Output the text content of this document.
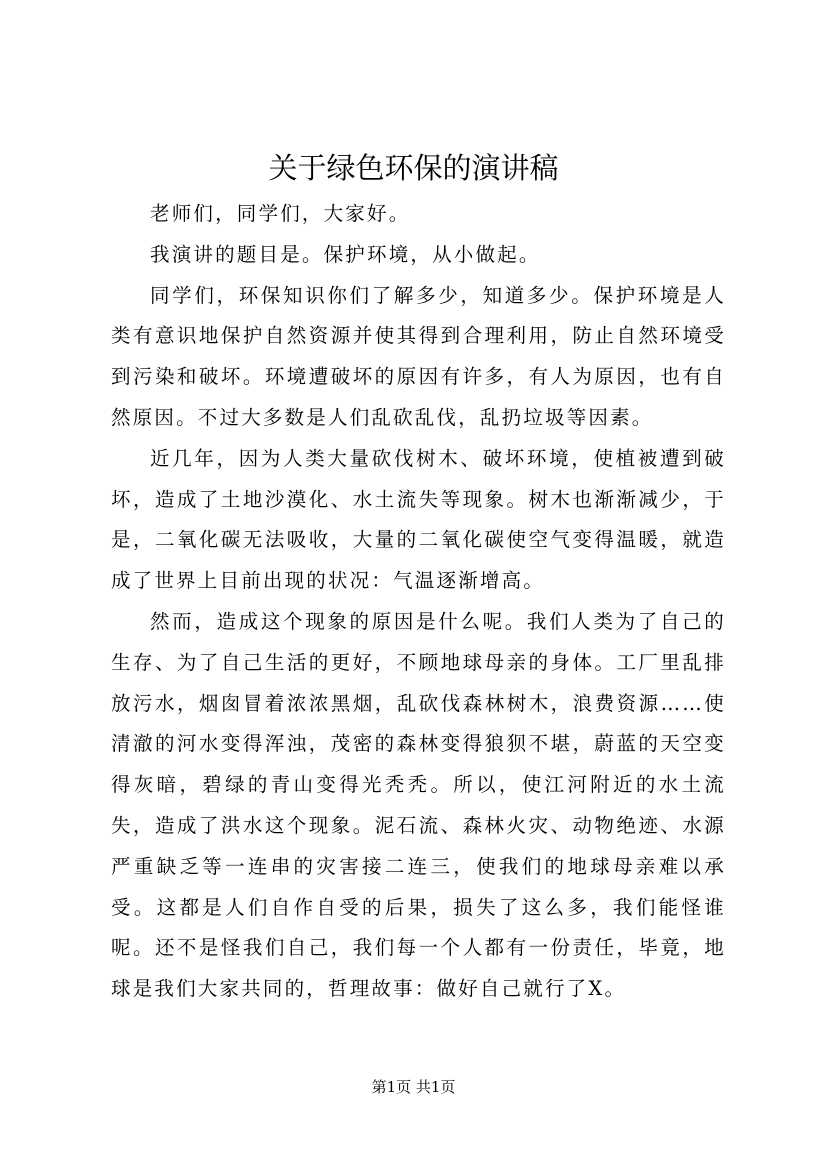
关于绿色环保的演讲稿

老师们，同学们，大家好。

我演讲的题目是。保护环境，从小做起。

同学们，环保知识你们了解多少，知道多少。保护环境是人类有意识地保护自然资源并使其得到合理利用，防止自然环境受到污染和破坏。环境遭破坏的原因有许多，有人为原因，也有自然原因。不过大多数是人们乱砍乱伐，乱扔垃圾等因素。

近几年，因为人类大量砍伐树木、破坏环境，使植被遭到破坏，造成了土地沙漠化、水土流失等现象。树木也渐渐减少，于是，二氧化碳无法吸收，大量的二氧化碳使空气变得温暖，就造成了世界上目前出现的状况：气温逐渐增高。

然而，造成这个现象的原因是什么呢。我们人类为了自己的生存、为了自己生活的更好，不顾地球母亲的身体。工厂里乱排放污水，烟囱冒着浓浓黑烟，乱砍伐森林树木，浪费资源……使清澈的河水变得浑浊，茂密的森林变得狼狈不堪，蔚蓝的天空变得灰暗，碧绿的青山变得光秃秃。所以，使江河附近的水土流失，造成了洪水这个现象。泥石流、森林火灾、动物绝迹、水源严重缺乏等一连串的灾害接二连三，使我们的地球母亲难以承受。这都是人们自作自受的后果，损失了这么多，我们能怪谁呢。还不是怪我们自己，我们每一个人都有一份责任，毕竟，地球是我们大家共同的，哲理故事：做好自己就行了X。

第1页 共1页
